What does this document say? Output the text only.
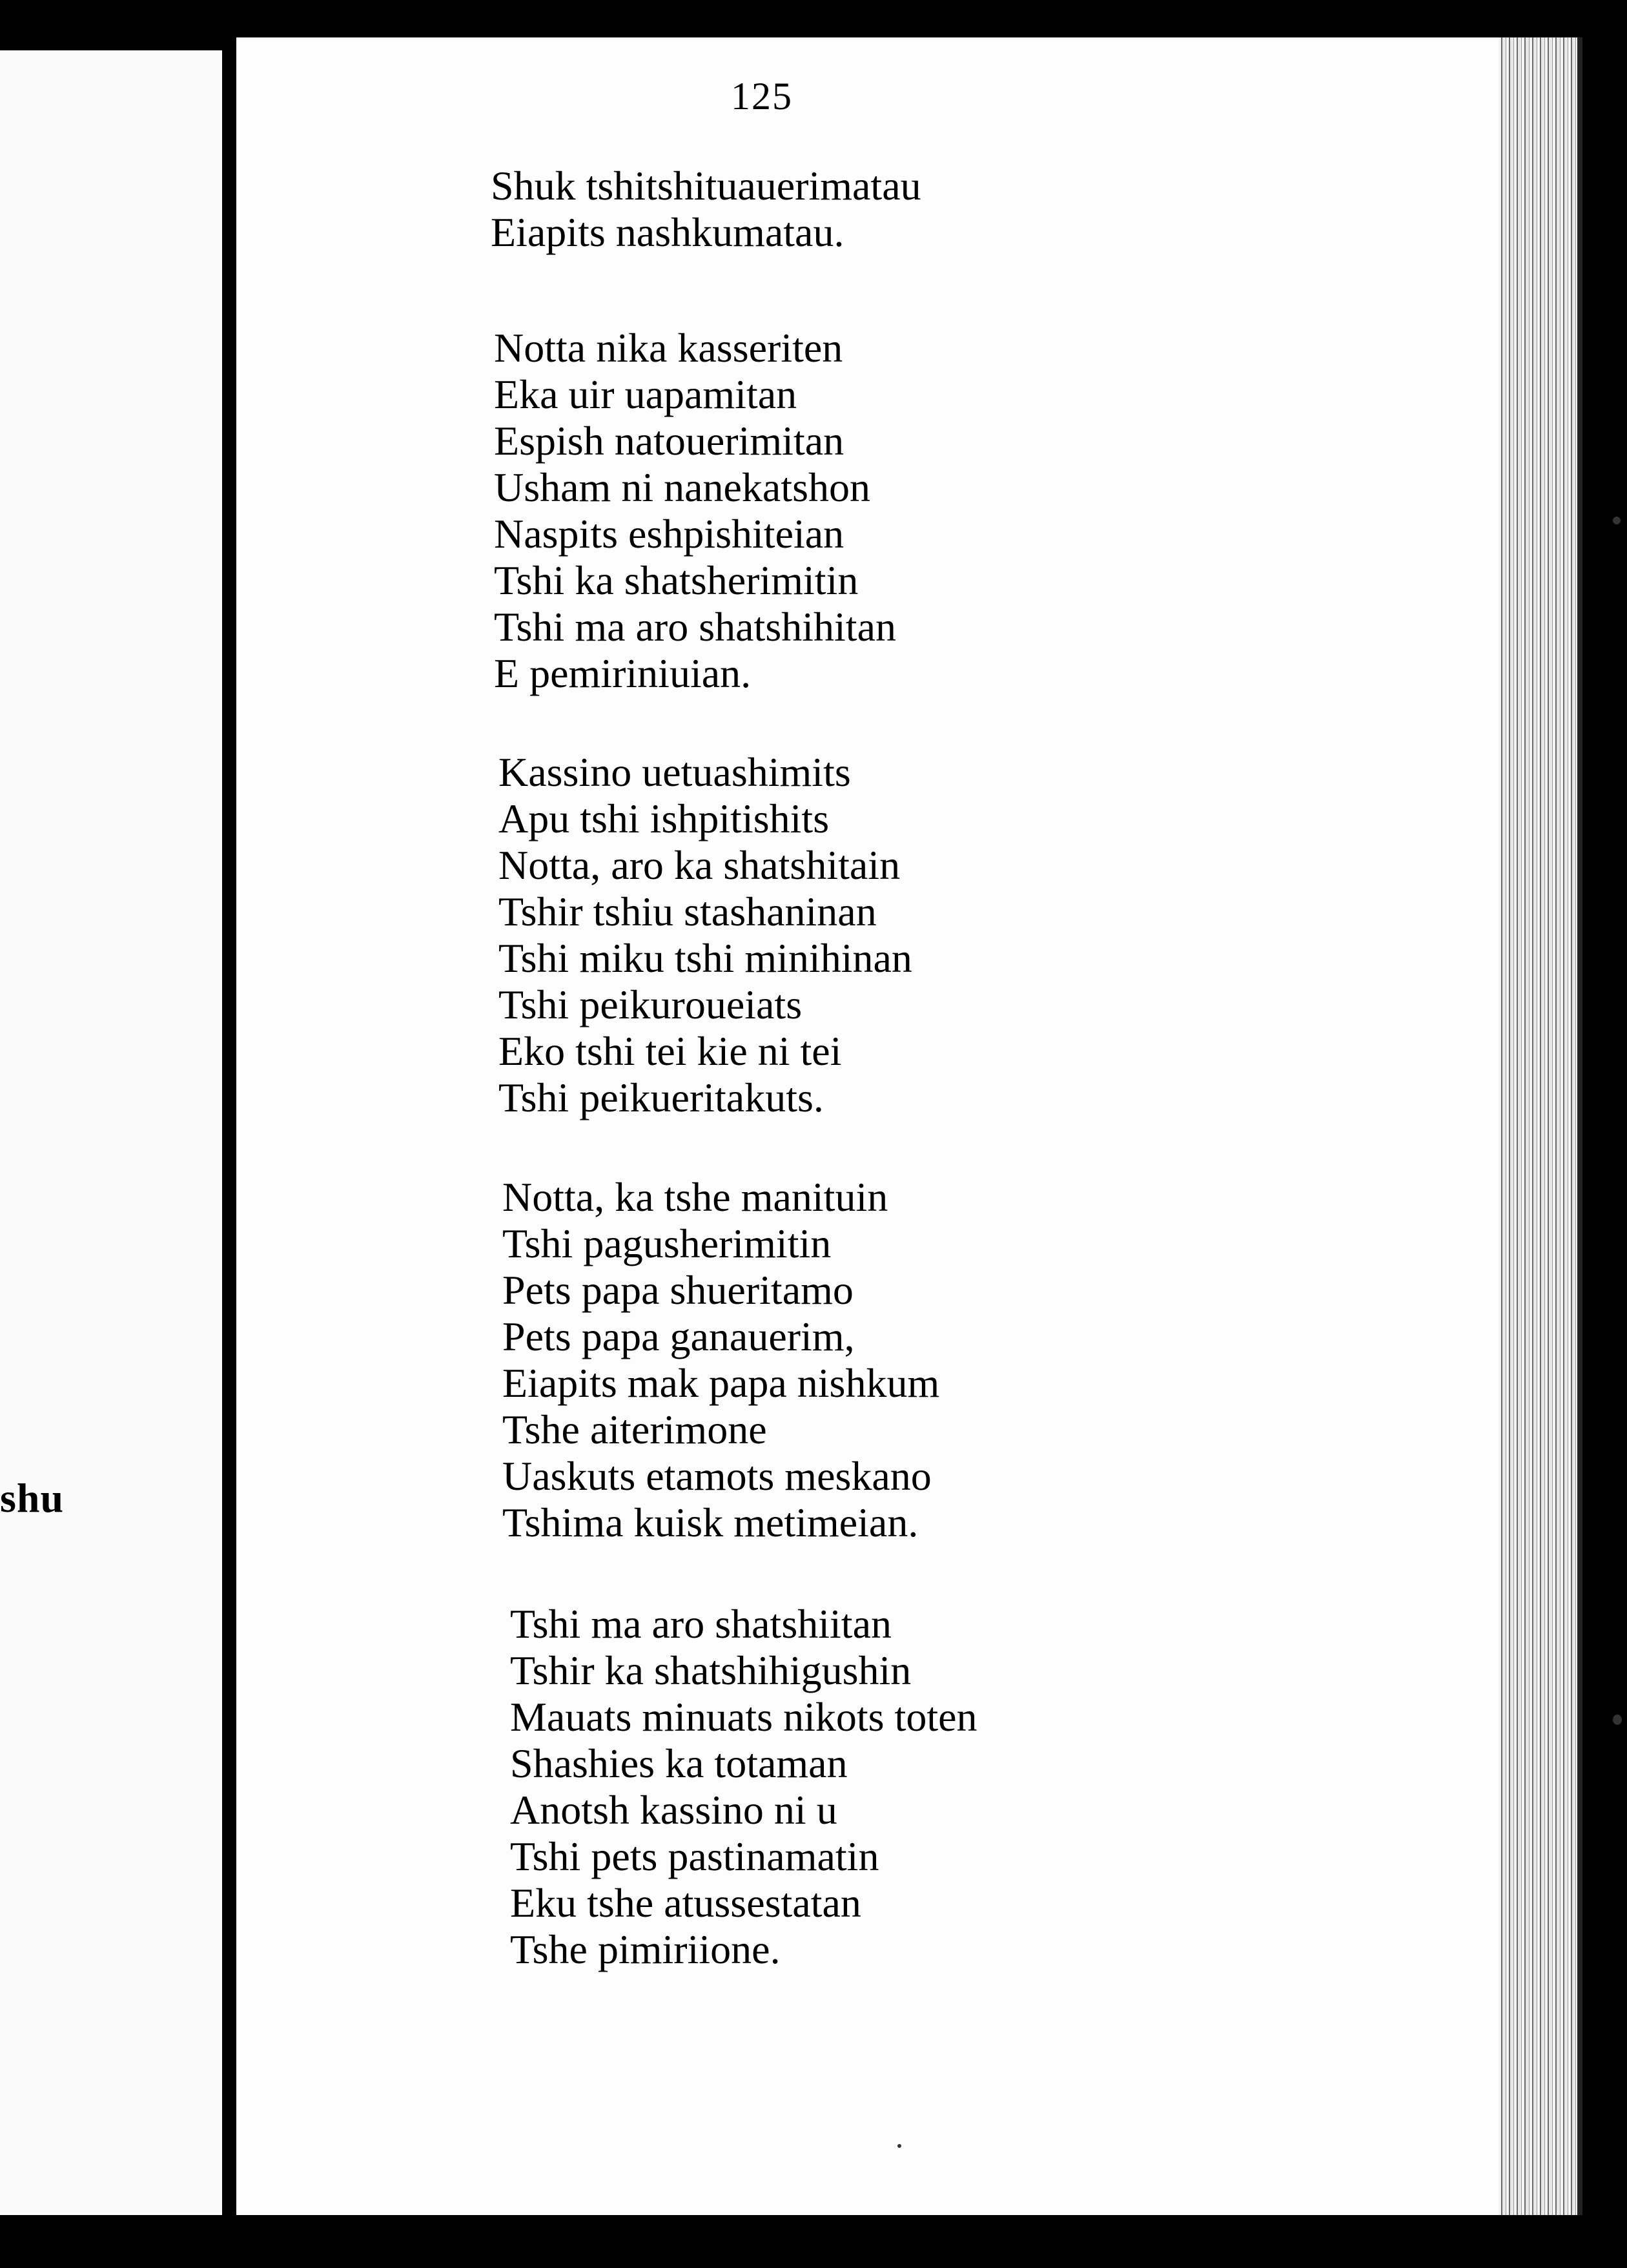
shu
125
Shuk tshitshituauerimatau
Eiapits nashkumatau.
Notta nika kasseriten
Eka uir uapamitan
Espish natouerimitan
Usham ni nanekatshon
Naspits eshpishiteian
Tshi ka shatsherimitin
Tshi ma aro shatshihitan
E pemiriniuian.
Kassino uetuashimits
Apu tshi ishpitishits
Notta, aro ka shatshitain
Tshir tshiu stashaninan
Tshi miku tshi minihinan
Tshi peikuroueiats
Eko tshi tei kie ni tei
Tshi peikueritakuts.
Notta, ka tshe manituin
Tshi pagusherimitin
Pets papa shueritamo
Pets papa ganauerim,
Eiapits mak papa nishkum
Tshe aiterimone
Uaskuts etamots meskano
Tshima kuisk metimeian.
Tshi ma aro shatshiitan
Tshir ka shatshihigushin
Mauats minuats nikots toten
Shashies ka totaman
Anotsh kassino ni u
Tshi pets pastinamatin
Eku tshe atussestatan
Tshe pimiriione.
